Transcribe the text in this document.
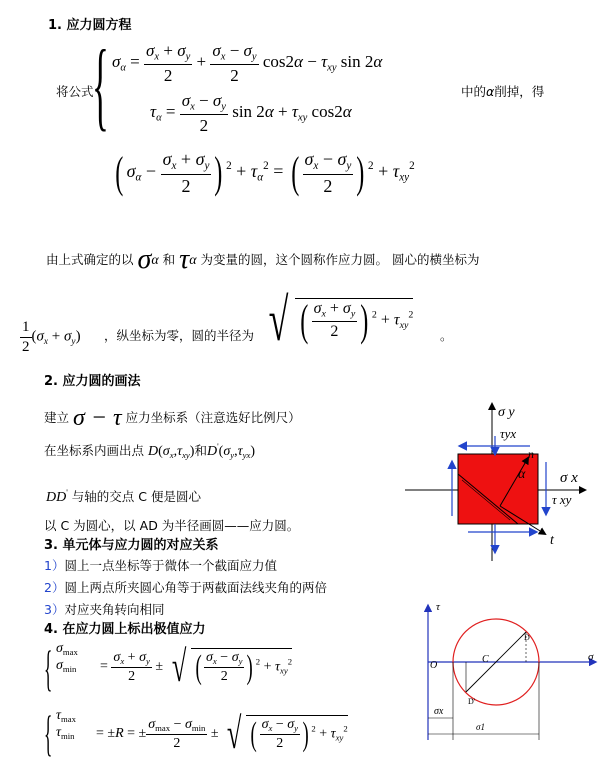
1. 应力圆方程
将公式
{ $\sigma_\alpha = \frac{\sigma_x + \sigma_y}{2} + \frac{\sigma_x - \sigma_y}{2} \cos 2\alpha - \tau_{xy}$ sin 2α
$\tau_\alpha = \frac{\sigma_x - \sigma_y}{2}$ $\sin 2\alpha + \tau_{xy}$ cos2α
中的α削掉，得
( $\sigma_\alpha - \frac{\sigma_x + \sigma_y}{2}$ ) $^2 + \tau_\alpha^2$ = ( $\frac{\sigma_x - \sigma_y}{2}$ ) $^2 + \tau_{xy}^2$
由上式确定的以 σα 和 τα 为变量的圆，这个圆称作应力圆。 圆心的横坐标为
$\frac{1}{2} (\sigma_x + \sigma_y)$ ，纵坐标为零，圆的半径为 √ ( $\frac{\sigma_x + \sigma_y}{2}$ ) $^2 + \tau_{xy}^2$
。
2. 应力圆的画法
建立 σ − τ 应力坐标系（注意选好比例尺）
在坐标系内画出点 $D(\sigma_x,\tau_{xy})$和$D'(\sigma_y,\tau_{yx})$
DD' 与轴的交点 C 便是圆心
以 C 为圆心，以 AD 为半径画圆——应力圆。
3. 单元体与应力圆的对应关系
1）圆上一点坐标等于微体一个截面应力值
2）圆上两点所夹圆心角等于两截面法线夹角的两倍
3）对应夹角转向相同
4. 在应力圆上标出极值应力
{ $\sigma_{max}$
$\sigma_{min} = \frac{\sigma_x + \sigma_y}{2}$ ± √ ( $\frac{\sigma_x - \sigma_y}{2}$ ) $^2 + \tau_{xy}^2$
{ $\tau_{max}$
$\tau_{min} = \pm R$ = ± $\frac{\sigma_{max} - \sigma_{min}}{2}$ ± √ ( $\frac{\sigma_x - \sigma_y}{2}$ ) $^2 + \tau_{xy}^2$
σ y
τyx
n
α σ x
τ xy
t
τ
σ
O
C
D
D'
σx
σ1
